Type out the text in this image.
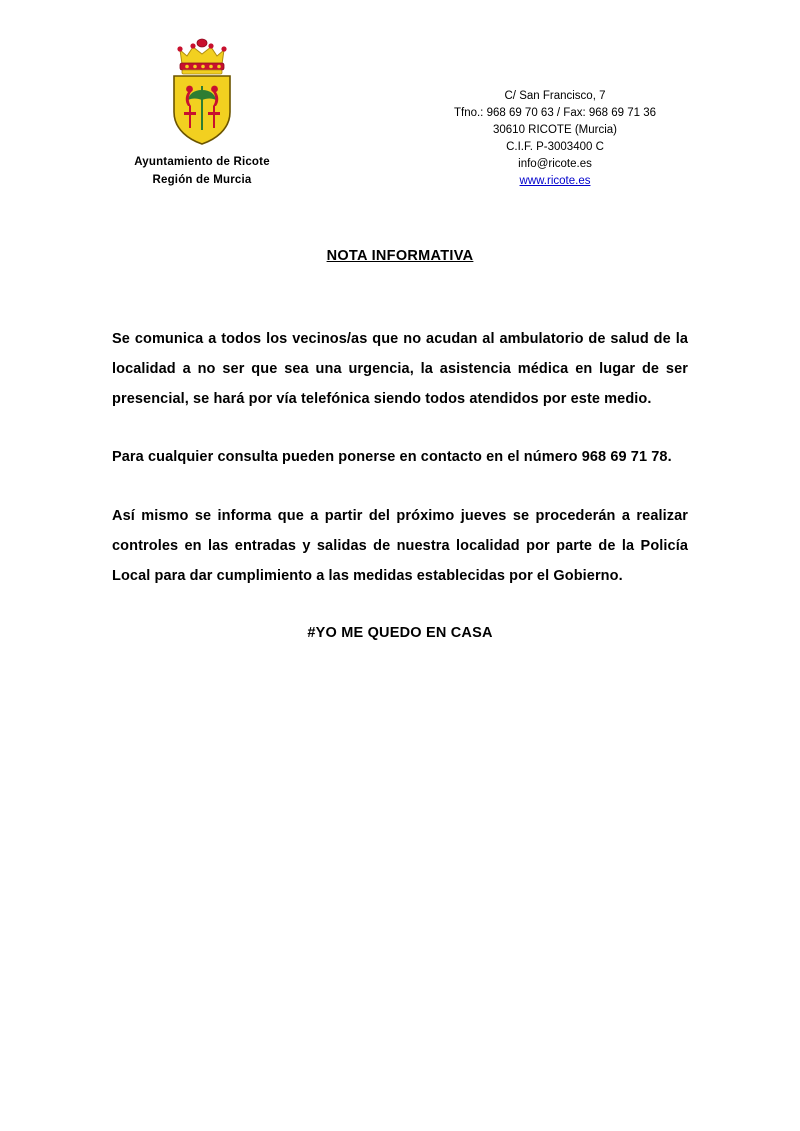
Ayuntamiento de Ricote
Región de Murcia
C/ San Francisco, 7
Tfno.: 968 69 70 63 / Fax: 968 69 71 36
30610 RICOTE (Murcia)
C.I.F. P-3003400 C
info@ricote.es
www.ricote.es
NOTA INFORMATIVA

Se comunica a todos los vecinos/as que no acudan al ambulatorio de salud de la localidad a no ser que sea una urgencia, la asistencia médica en lugar de ser presencial, se hará por vía telefónica siendo todos atendidos por este medio.

Para cualquier consulta pueden ponerse en contacto en el número 968 69 71 78.

Así mismo se informa que a partir del próximo jueves se procederán a realizar controles en las entradas y salidas de nuestra localidad por parte de la Policía Local para dar cumplimiento a las medidas establecidas por el Gobierno.

#YO ME QUEDO EN CASA
